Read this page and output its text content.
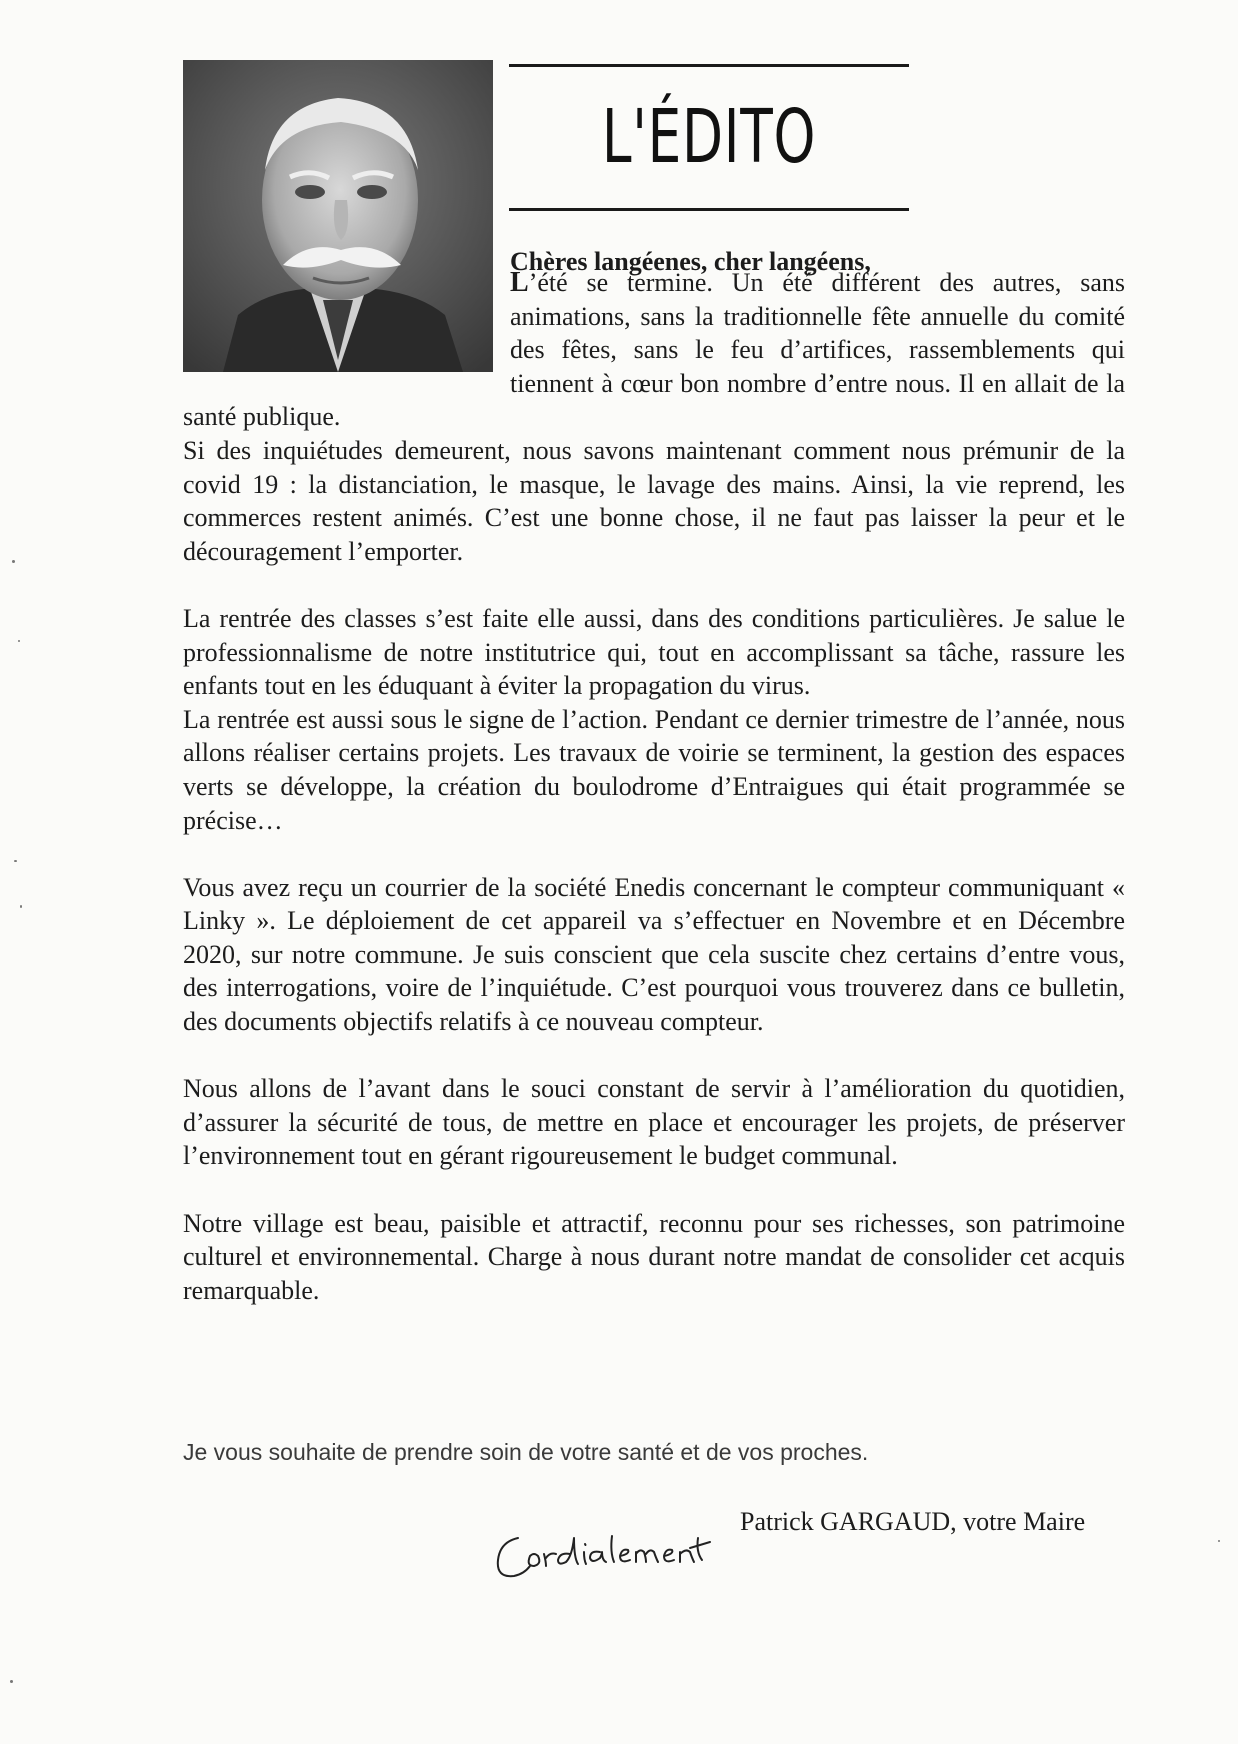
L'ÉDITO
Chères langéenes, cher langéens,

L’été se termine. Un été différent des autres, sans animations, sans la traditionnelle fête annuelle du comité des fêtes, sans le feu d’artifices, rassemblements qui tiennent à cœur bon nombre d’entre nous. Il en allait de la santé publique.

Si des inquiétudes demeurent, nous savons maintenant comment nous prémunir de la covid 19 : la distanciation, le masque, le lavage des mains. Ainsi, la vie reprend, les commerces restent animés. C’est une bonne chose, il ne faut pas laisser la peur et le découragement l’emporter.

La rentrée des classes s’est faite elle aussi, dans des conditions particulières. Je salue le professionnalisme de notre institutrice qui, tout en accomplissant sa tâche, rassure les enfants tout en les éduquant à éviter la propagation du virus.

La rentrée est aussi sous le signe de l’action. Pendant ce dernier trimestre de l’année, nous allons réaliser certains projets. Les travaux de voirie se terminent, la gestion des espaces verts se développe, la création du boulodrome d’Entraigues qui était programmée se précise…

Vous avez reçu un courrier de la société Enedis concernant le compteur communiquant « Linky ». Le déploiement de cet appareil va s’effectuer en Novembre et en Décembre 2020, sur notre commune. Je suis conscient que cela suscite chez certains d’entre vous, des interrogations, voire de l’inquiétude. C’est pourquoi vous trouverez dans ce bulletin, des documents objectifs relatifs à ce nouveau compteur.

Nous allons de l’avant dans le souci constant de servir à l’amélioration du quotidien, d’assurer la sécurité de tous, de mettre en place et encourager les projets, de préserver l’environnement tout en gérant rigoureusement le budget communal.

Notre village est beau, paisible et attractif, reconnu pour ses richesses, son patrimoine culturel et environnemental. Charge à nous durant notre mandat de consolider cet acquis remarquable.

Je vous souhaite de prendre soin de votre santé et de vos proches.
Patrick GARGAUD, votre Maire
